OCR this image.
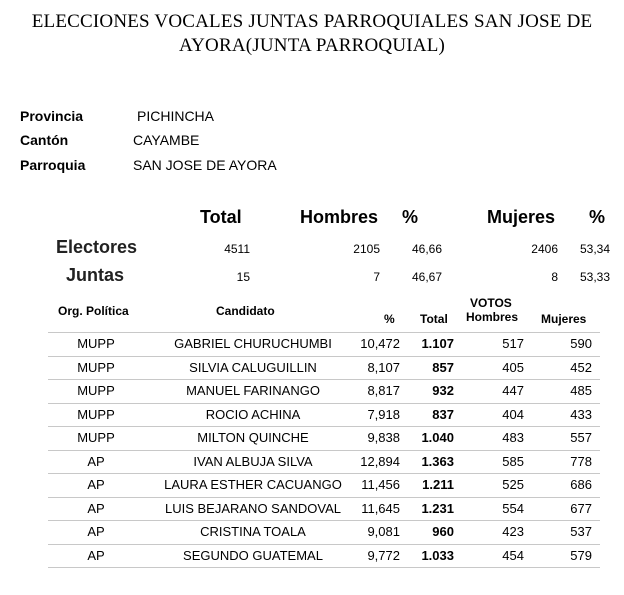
ELECCIONES VOCALES JUNTAS PARROQUIALES SAN JOSE DE
AYORA(JUNTA PARROQUIAL)
Provincia	PICHINCHA
Cantón	CAYAMBE
Parroquia	SAN JOSE DE AYORA
Total	Hombres %	Mujeres %
Electores	4511	2105	46,66	2406 53,34
Juntas	15	7	46,67	8 53,33
Org. Política	Candidato
VOTOS
% Total Hombres Mujeres
MUPP	GABRIEL CHURUCHUMBI	10,472 1.107	517	590
MUPP	SILVIA CALUGUILLIN	8,107 857	405	452
MUPP	MANUEL FARINANGO	8,817 932	447	485
MUPP	ROCIO ACHINA	7,918 837	404	433
MUPP	MILTON QUINCHE	9,838 1.040	483	557
AP	IVAN ALBUJA SILVA	12,894 1.363	585	778
AP	LAURA ESTHER CACUANGO	11,456 1.211	525	686
AP	LUIS BEJARANO SANDOVAL	11,645 1.231	554	677
AP	CRISTINA TOALA	9,081 960	423	537
AP	SEGUNDO GUATEMAL	9,772 1.033	454	579
